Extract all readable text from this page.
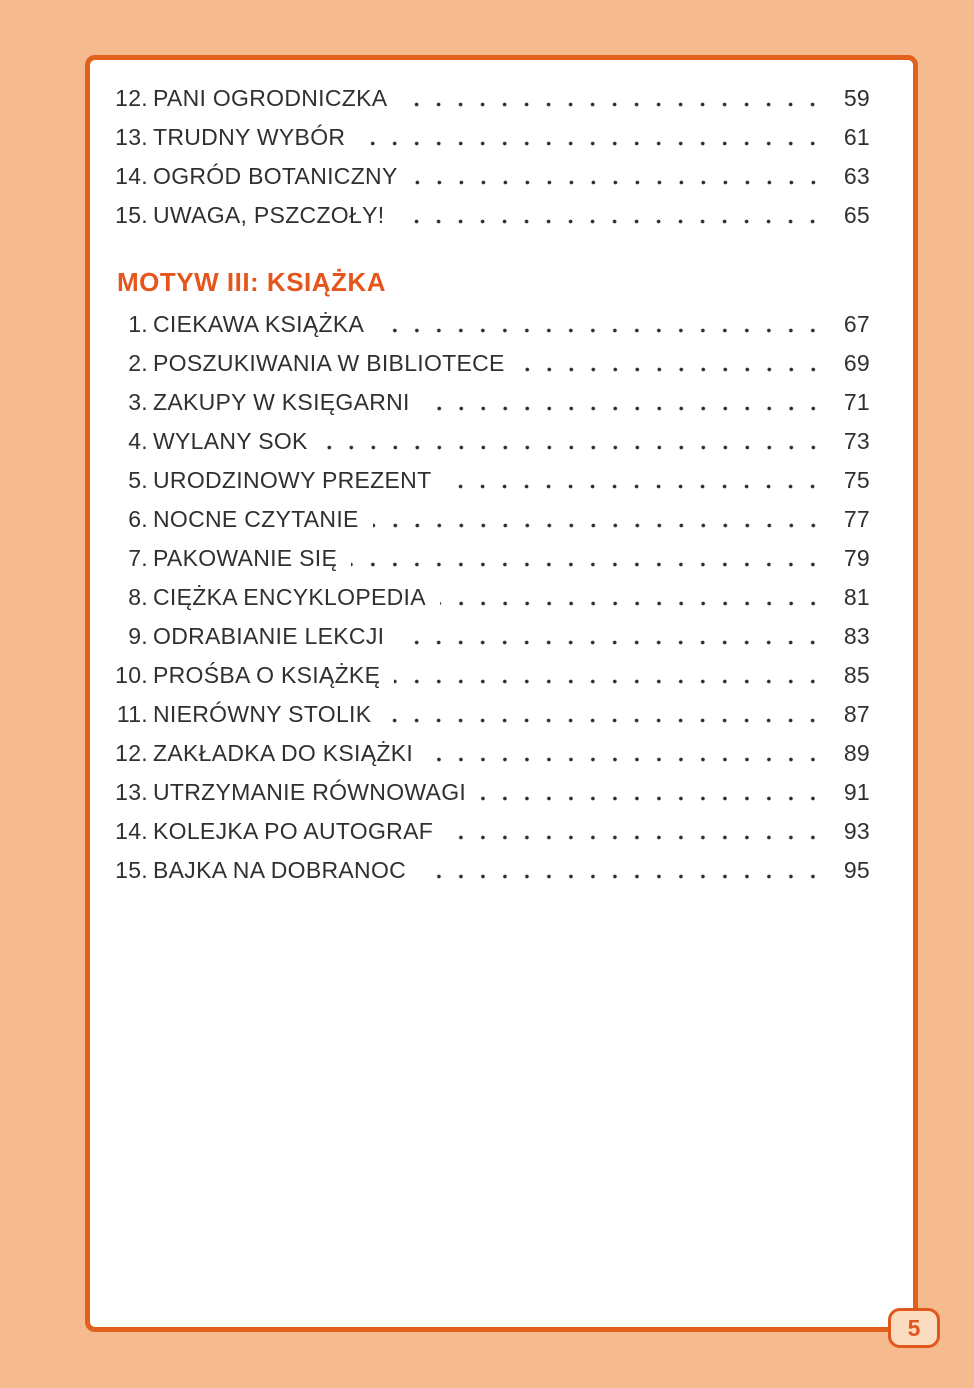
12. PANI OGRODNICZKA	59
13. TRUDNY WYBÓR	61
14. OGRÓD BOTANICZNY	63
15. UWAGA, PSZCZOŁY!	65
MOTYW III: KSIĄŻKA
1. CIEKAWA KSIĄŻKA	67
2. POSZUKIWANIA W BIBLIOTECE	69
3. ZAKUPY W KSIĘGARNI	71
4. WYLANY SOK	73
5. URODZINOWY PREZENT	75
6. NOCNE CZYTANIE	77
7. PAKOWANIE SIĘ	79
8. CIĘŻKA ENCYKLOPEDIA	81
9. ODRABIANIE LEKCJI	83
10. PROŚBA O KSIĄŻKĘ	85
11. NIERÓWNY STOLIK	87
12. ZAKŁADKA DO KSIĄŻKI	89
13. UTRZYMANIE RÓWNOWAGI	91
14. KOLEJKA PO AUTOGRAF	93
15. BAJKA NA DOBRANOC	95
5
